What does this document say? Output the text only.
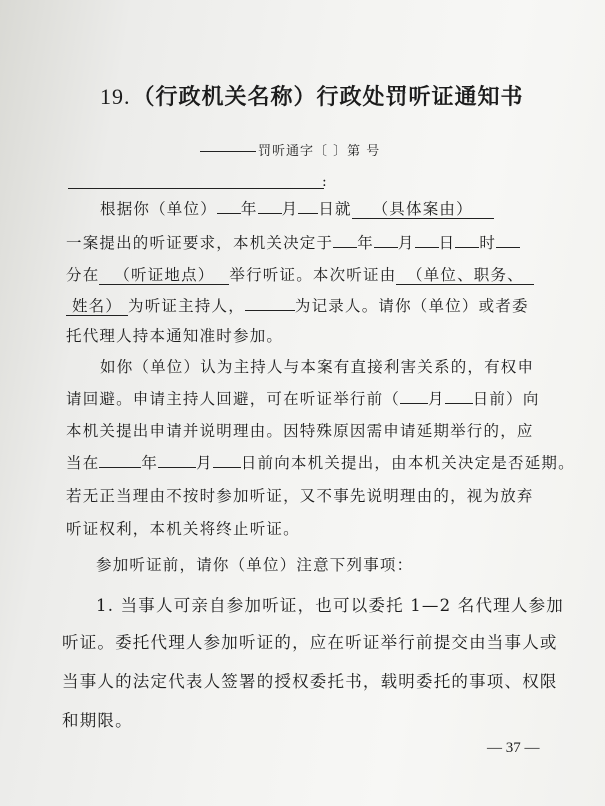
19.（行政机关名称）行政处罚听证通知书
罚听通字〔 〕第 号
:
根据你（单位） 年 月 日就 （具体案由）
一案提出的听证要求，本机关决定于 年 月 日 时
分在 （听证地点） 举行听证。本次听证由 （单位、职务、
姓名） 为听证主持人，	为记录人。请你（单位）或者委
托代理人持本通知准时参加。
如你（单位）认为主持人与本案有直接利害关系的，有权申
请回避。申请主持人回避，可在听证举行前（ 月 日前）向
本机关提出申请并说明理由。因特殊原因需申请延期举行的，应
当在	年 月 日前向本机关提出，由本机关决定是否延期。
若无正当理由不按时参加听证，又不事先说明理由的，视为放弃
听证权利，本机关将终止听证。
参加听证前，请你（单位）注意下列事项：
1. 当事人可亲自参加听证，也可以委托 1—2 名代理人参加
听证。委托代理人参加听证的，应在听证举行前提交由当事人或
当事人的法定代表人签署的授权委托书，载明委托的事项、权限
和期限。
— 37 —
